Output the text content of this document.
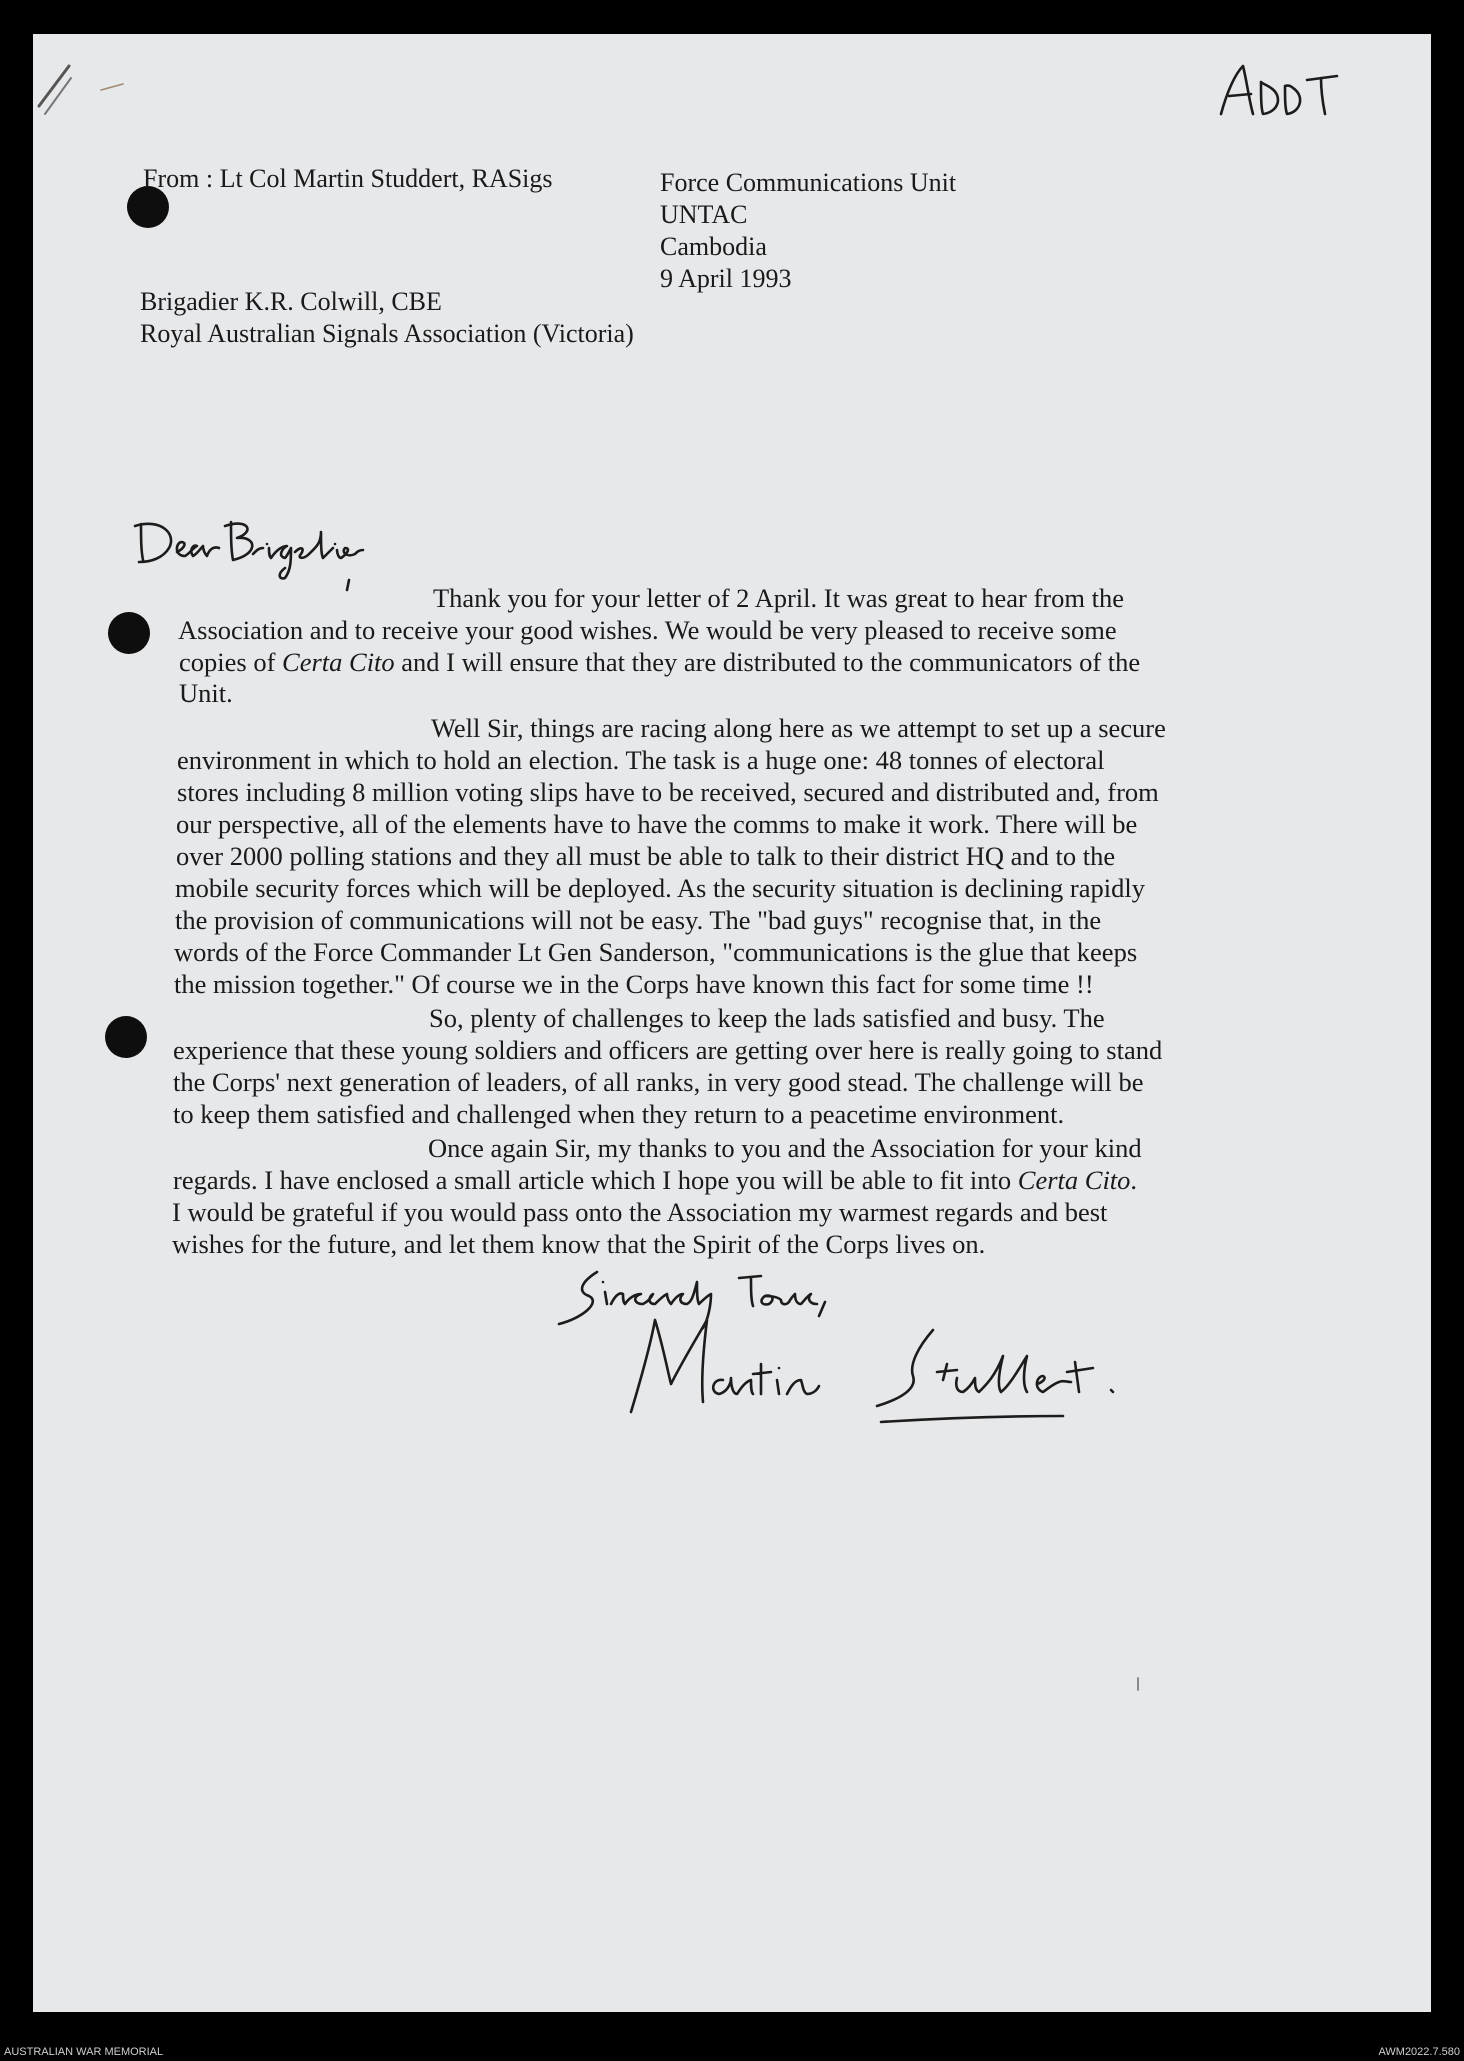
From : Lt Col Martin Studdert, RASigs	Force Communications Unit
UNTAC
Cambodia
9 April 1993
Brigadier K.R. Colwill, CBE
Royal Australian Signals Association (Victoria)
Thank you for your letter of 2 April. It was great to hear from the
Association and to receive your good wishes. We would be very pleased to receive some
copies of Certa Cito and I will ensure that they are distributed to the communicators of the
Unit.
Well Sir, things are racing along here as we attempt to set up a secure
environment in which to hold an election. The task is a huge one: 48 tonnes of electoral
stores including 8 million voting slips have to be received, secured and distributed and, from
our perspective, all of the elements have to have the comms to make it work. There will be
over 2000 polling stations and they all must be able to talk to their district HQ and to the
mobile security forces which will be deployed. As the security situation is declining rapidly
the provision of communications will not be easy. The "bad guys" recognise that, in the
words of the Force Commander Lt Gen Sanderson, "communications is the glue that keeps
the mission together." Of course we in the Corps have known this fact for some time !!
So, plenty of challenges to keep the lads satisfied and busy. The
experience that these young soldiers and officers are getting over here is really going to stand
the Corps' next generation of leaders, of all ranks, in very good stead. The challenge will be
to keep them satisfied and challenged when they return to a peacetime environment.
Once again Sir, my thanks to you and the Association for your kind
regards. I have enclosed a small article which I hope you will be able to fit into Certa Cito.
I would be grateful if you would pass onto the Association my warmest regards and best
wishes for the future, and let them know that the Spirit of the Corps lives on.
AUSTRALIAN WAR MEMORIAL	AWM2022.7.580
